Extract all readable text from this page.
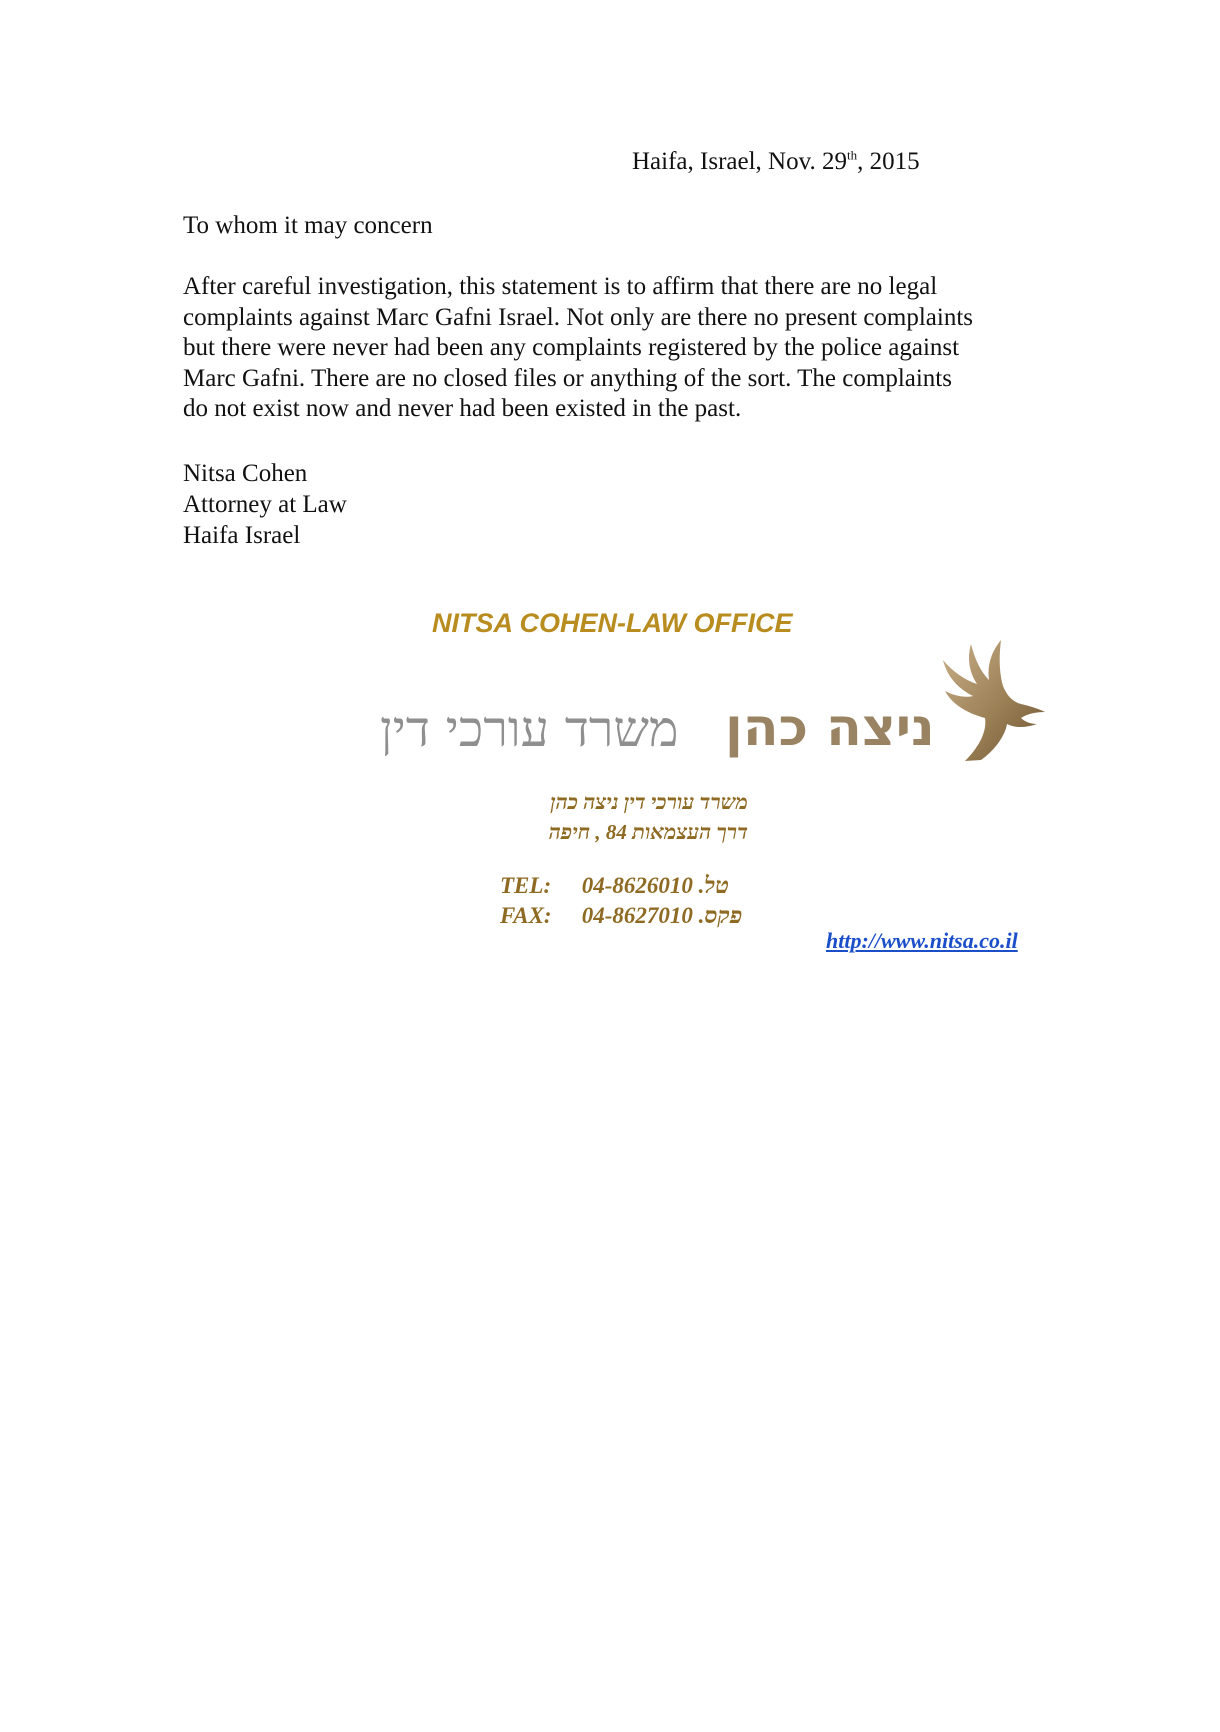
Haifa, Israel, Nov. 29th, 2015
To whom it may concern
After careful investigation, this statement is to affirm that there are no legal
complaints against Marc Gafni Israel. Not only are there no present complaints
but there were never had been any complaints registered by the police against
Marc Gafni. There are no closed files or anything of the sort. The complaints
do not exist now and never had been existed in the past.
Nitsa Cohen
Attorney at Law
Haifa Israel
NITSA COHEN-LAW OFFICE
משרד עורכי דין ניצה כהן
משרד עורכי דין ניצה כהן
דרך העצמאות 84 , חיפה
TEL: 04-8626010 טל.
FAX: 04-8627010 פקס.
http://www.nitsa.co.il
